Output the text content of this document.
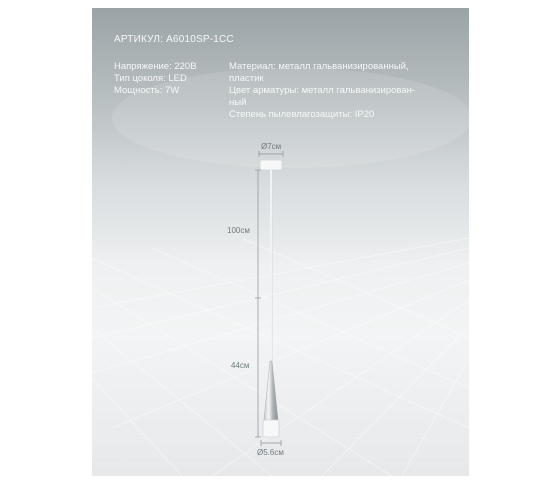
АРТИКУЛ: A6010SP-1CC
Напряжение: 220В
Тип цоколя: LED
Мощность: 7W
Материал: металл гальванизированный,
пластик
Цвет арматуры: металл гальванизирован-
ный
Степень пылевлагозащиты: IP20
Ø7см
100см
44см
Ø5.6см
